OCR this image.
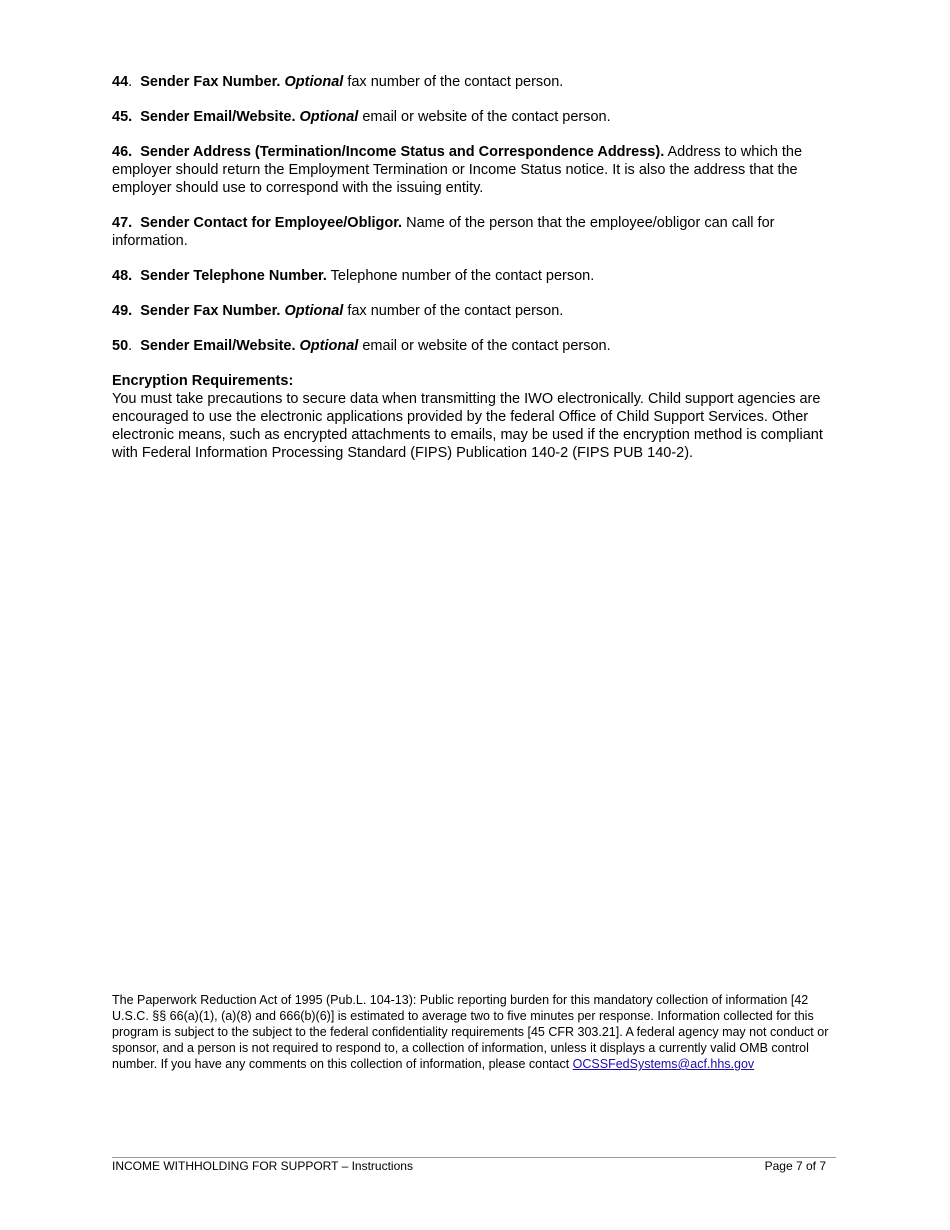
44. Sender Fax Number. Optional fax number of the contact person.

45. Sender Email/Website. Optional email or website of the contact person.

46. Sender Address (Termination/Income Status and Correspondence Address). Address to which the employer should return the Employment Termination or Income Status notice. It is also the address that the employer should use to correspond with the issuing entity.

47. Sender Contact for Employee/Obligor. Name of the person that the employee/obligor can call for information.

48. Sender Telephone Number. Telephone number of the contact person.

49. Sender Fax Number. Optional fax number of the contact person.

50. Sender Email/Website. Optional email or website of the contact person.

Encryption Requirements:
You must take precautions to secure data when transmitting the IWO electronically. Child support agencies are encouraged to use the electronic applications provided by the federal Office of Child Support Services. Other electronic means, such as encrypted attachments to emails, may be used if the encryption method is compliant with Federal Information Processing Standard (FIPS) Publication 140-2 (FIPS PUB 140-2).
The Paperwork Reduction Act of 1995 (Pub.L. 104-13): Public reporting burden for this mandatory collection of information [42 U.S.C. §§ 66(a)(1), (a)(8) and 666(b)(6)] is estimated to average two to five minutes per response. Information collected for this program is subject to the subject to the federal confidentiality requirements [45 CFR 303.21]. A federal agency may not conduct or sponsor, and a person is not required to respond to, a collection of information, unless it displays a currently valid OMB control number. If you have any comments on this collection of information, please contact OCSSFedSystems@acf.hhs.gov
INCOME WITHHOLDING FOR SUPPORT – Instructions	Page 7 of 7
